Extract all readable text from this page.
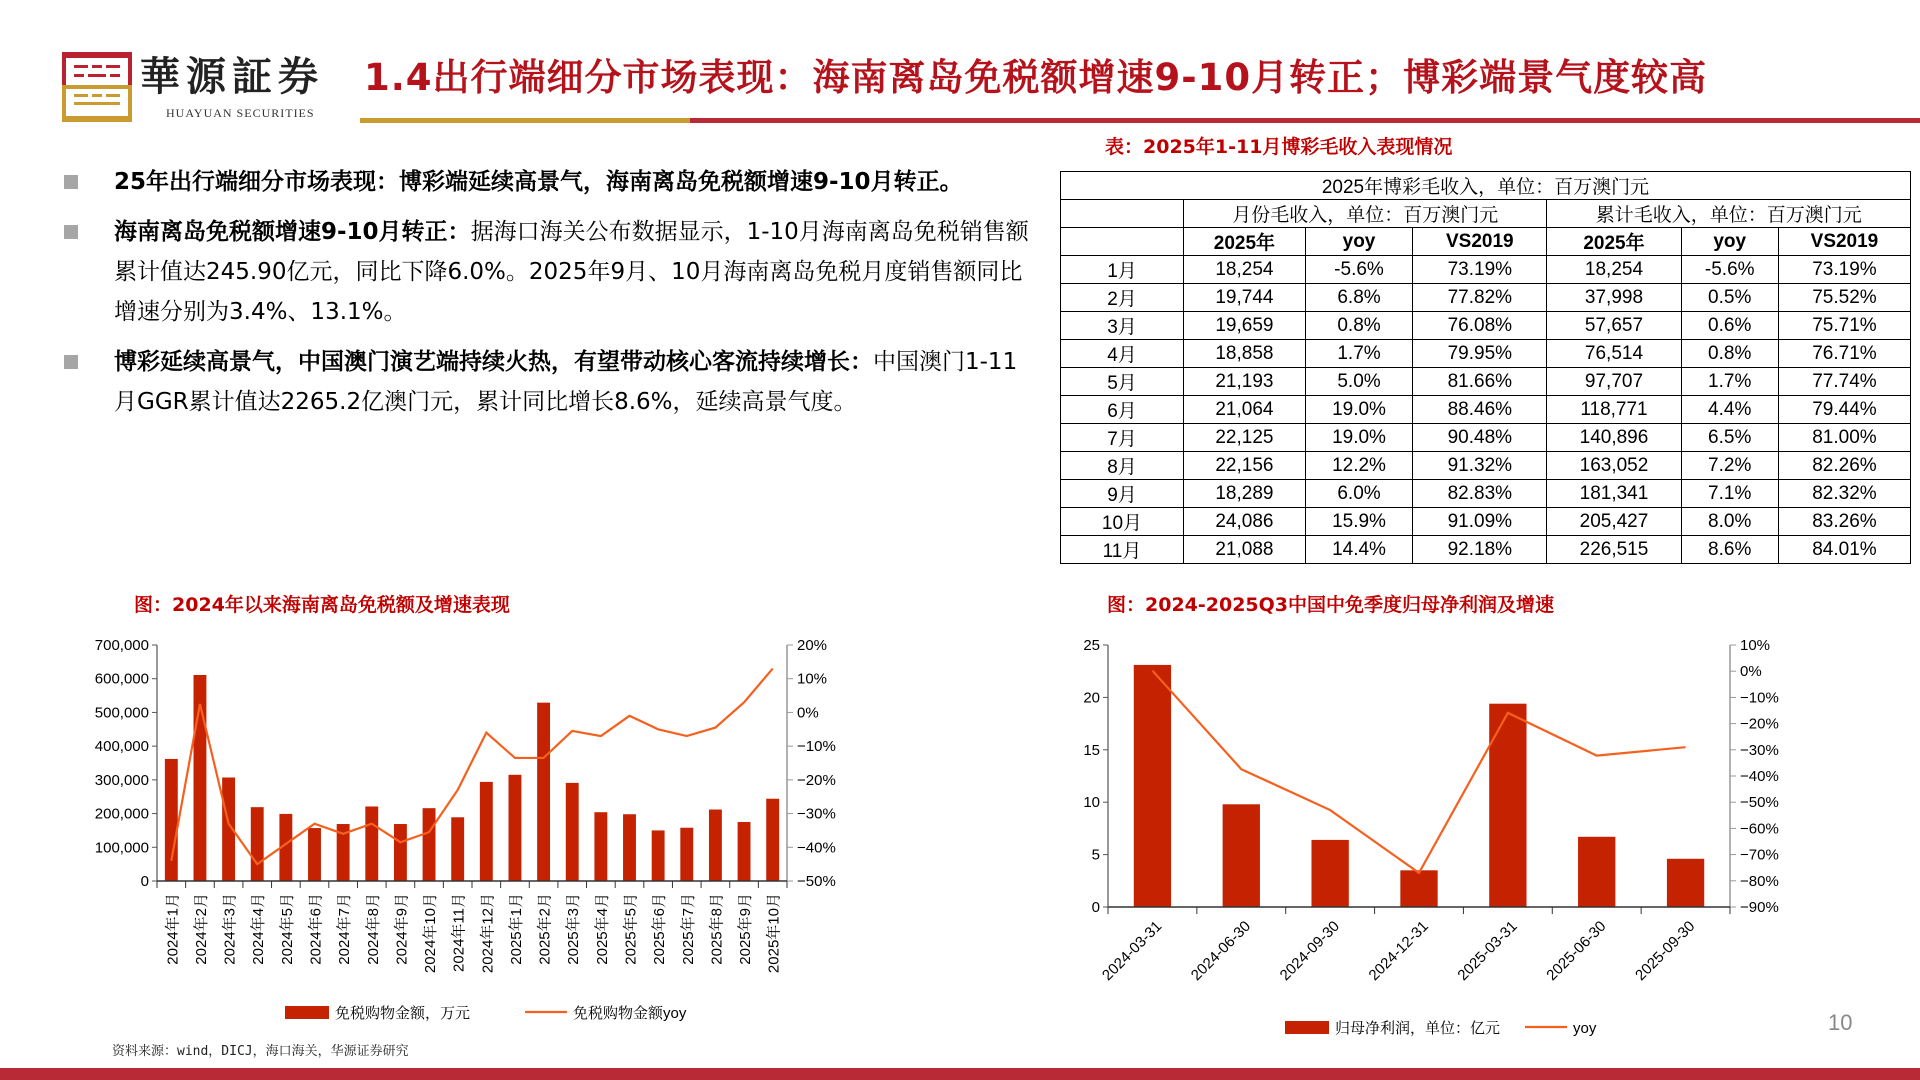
華源証券
HUAYUAN SECURITIES
1.4出行端细分市场表现：海南离岛免税额增速9-10月转正；博彩端景气度较高
25年出行端细分市场表现：博彩端延续高景气，海南离岛免税额增速9-10月转正。
海南离岛免税额增速9-10月转正：据海口海关公布数据显示，1-10月海南离岛免税销售额累计值达245.90亿元，同比下降6.0%。2025年9月、10月海南离岛免税月度销售额同比增速分别为3.4%、13.1%。
博彩延续高景气，中国澳门演艺端持续火热，有望带动核心客流持续增长：中国澳门1-11月GGR累计值达2265.2亿澳门元，累计同比增长8.6%，延续高景气度。
表：2025年1-11月博彩毛收入表现情况
2025年博彩毛收入，单位：百万澳门元						
	月份毛收入，单位：百万澳门元			累计毛收入，单位：百万澳门元		
	2025年	yoy	VS2019	2025年	yoy	VS2019
1月	18,254	-5.6%	73.19%	18,254	-5.6%	73.19%
2月	19,744	6.8%	77.82%	37,998	0.5%	75.52%
3月	19,659	0.8%	76.08%	57,657	0.6%	75.71%
4月	18,858	1.7%	79.95%	76,514	0.8%	76.71%
5月	21,193	5.0%	81.66%	97,707	1.7%	77.74%
6月	21,064	19.0%	88.46%	118,771	4.4%	79.44%
7月	22,125	19.0%	90.48%	140,896	6.5%	81.00%
8月	22,156	12.2%	91.32%	163,052	7.2%	82.26%
9月	18,289	6.0%	82.83%	181,341	7.1%	82.32%
10月	24,086	15.9%	91.09%	205,427	8.0%	83.26%
11月	21,088	14.4%	92.18%	226,515	8.6%	84.01%
图：2024年以来海南离岛免税额及增速表现
0
100,000
200,000
300,000
400,000
500,000
600,000
700,000
−50%
−40%
−30%
−20%
−10%
0%
10%
20%
2024年1月 2024年2月 2024年3月 2024年4月 2024年5月 2024年6月 2024年7月 2024年8月 2024年9月 2024年10月 2024年11月 2024年12月 2025年1月 2025年2月 2025年3月 2025年4月 2025年5月 2025年6月 2025年7月 2025年8月 2025年9月 2025年10月
免税购物金额，万元	免税购物金额yoy
图：2024-2025Q3中国中免季度归母净利润及增速
0
5
10
15
20
25
−90%
−80%
−70%
−60%
−50%
−40%
−30%
−20%
−10%
0%
10%
2024-03-31 2024-06-30 2024-09-30 2024-12-31 2025-03-31 2025-06-30 2025-09-30
归母净利润，单位：亿元	yoy
资料来源：wind，DICJ，海口海关，华源证券研究
10
